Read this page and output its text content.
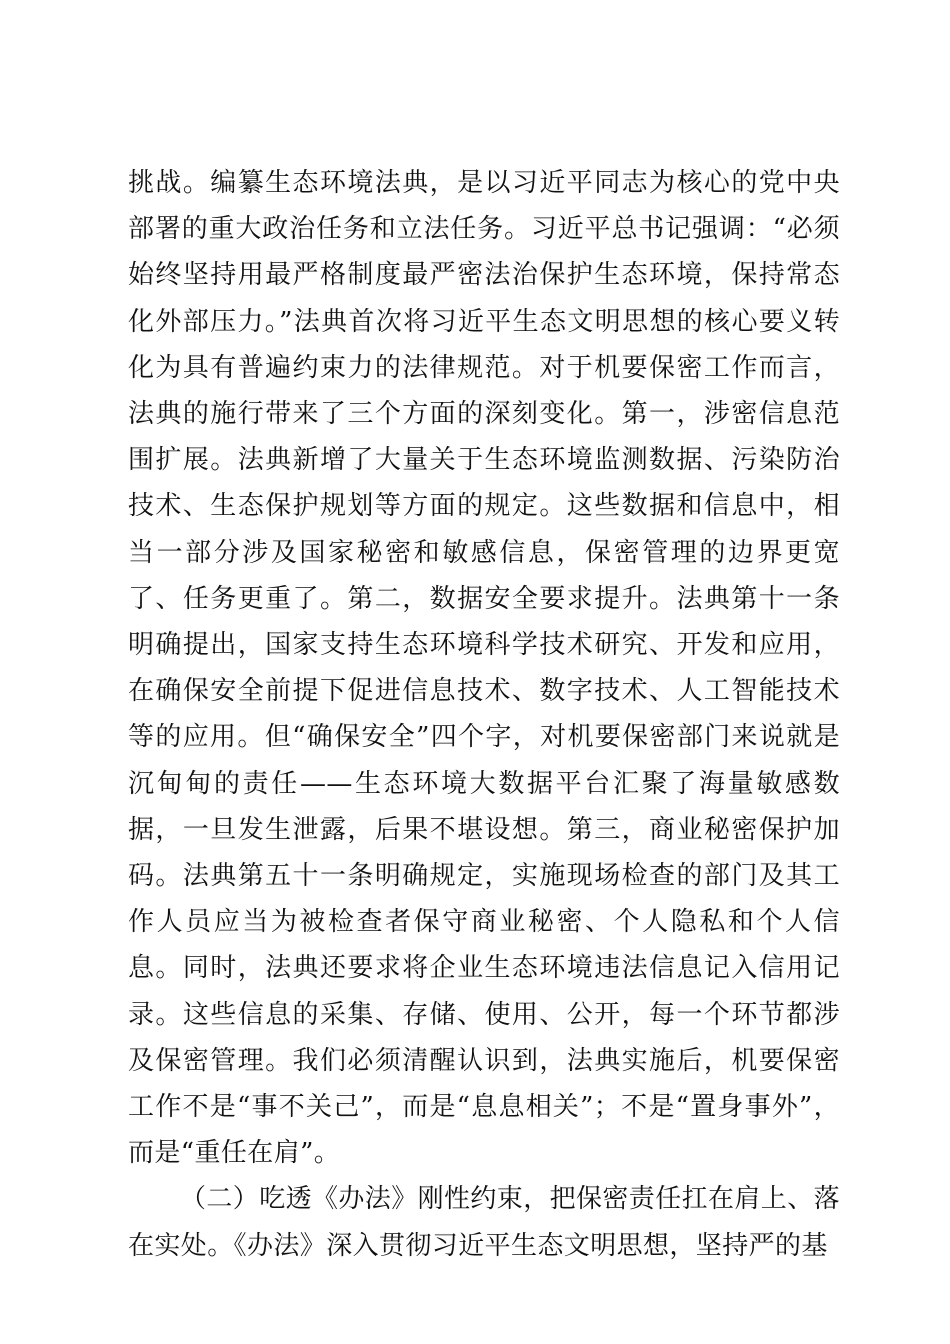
挑战。编纂生态环境法典，是以习近平同志为核心的党中央部署的重大政治任务和立法任务。习近平总书记强调：“必须始终坚持用最严格制度最严密法治保护生态环境，保持常态化外部压力。”法典首次将习近平生态文明思想的核心要义转化为具有普遍约束力的法律规范。对于机要保密工作而言，法典的施行带来了三个方面的深刻变化。第一，涉密信息范围扩展。法典新增了大量关于生态环境监测数据、污染防治技术、生态保护规划等方面的规定。这些数据和信息中，相当一部分涉及国家秘密和敏感信息，保密管理的边界更宽了、任务更重了。第二，数据安全要求提升。法典第十一条明确提出，国家支持生态环境科学技术研究、开发和应用，在确保安全前提下促进信息技术、数字技术、人工智能技术等的应用。但“确保安全”四个字，对机要保密部门来说就是沉甸甸的责任——生态环境大数据平台汇聚了海量敏感数据，一旦发生泄露，后果不堪设想。第三，商业秘密保护加码。法典第五十一条明确规定，实施现场检查的部门及其工作人员应当为被检查者保守商业秘密、个人隐私和个人信息。同时，法典还要求将企业生态环境违法信息记入信用记录。这些信息的采集、存储、使用、公开，每一个环节都涉及保密管理。我们必须清醒认识到，法典实施后，机要保密工作不是“事不关己”，而是“息息相关”；不是“置身事外”，而是“重任在肩”。

（二）吃透《办法》刚性约束，把保密责任扛在肩上、落在实处。《办法》深入贯彻习近平生态文明思想，坚持严的基
